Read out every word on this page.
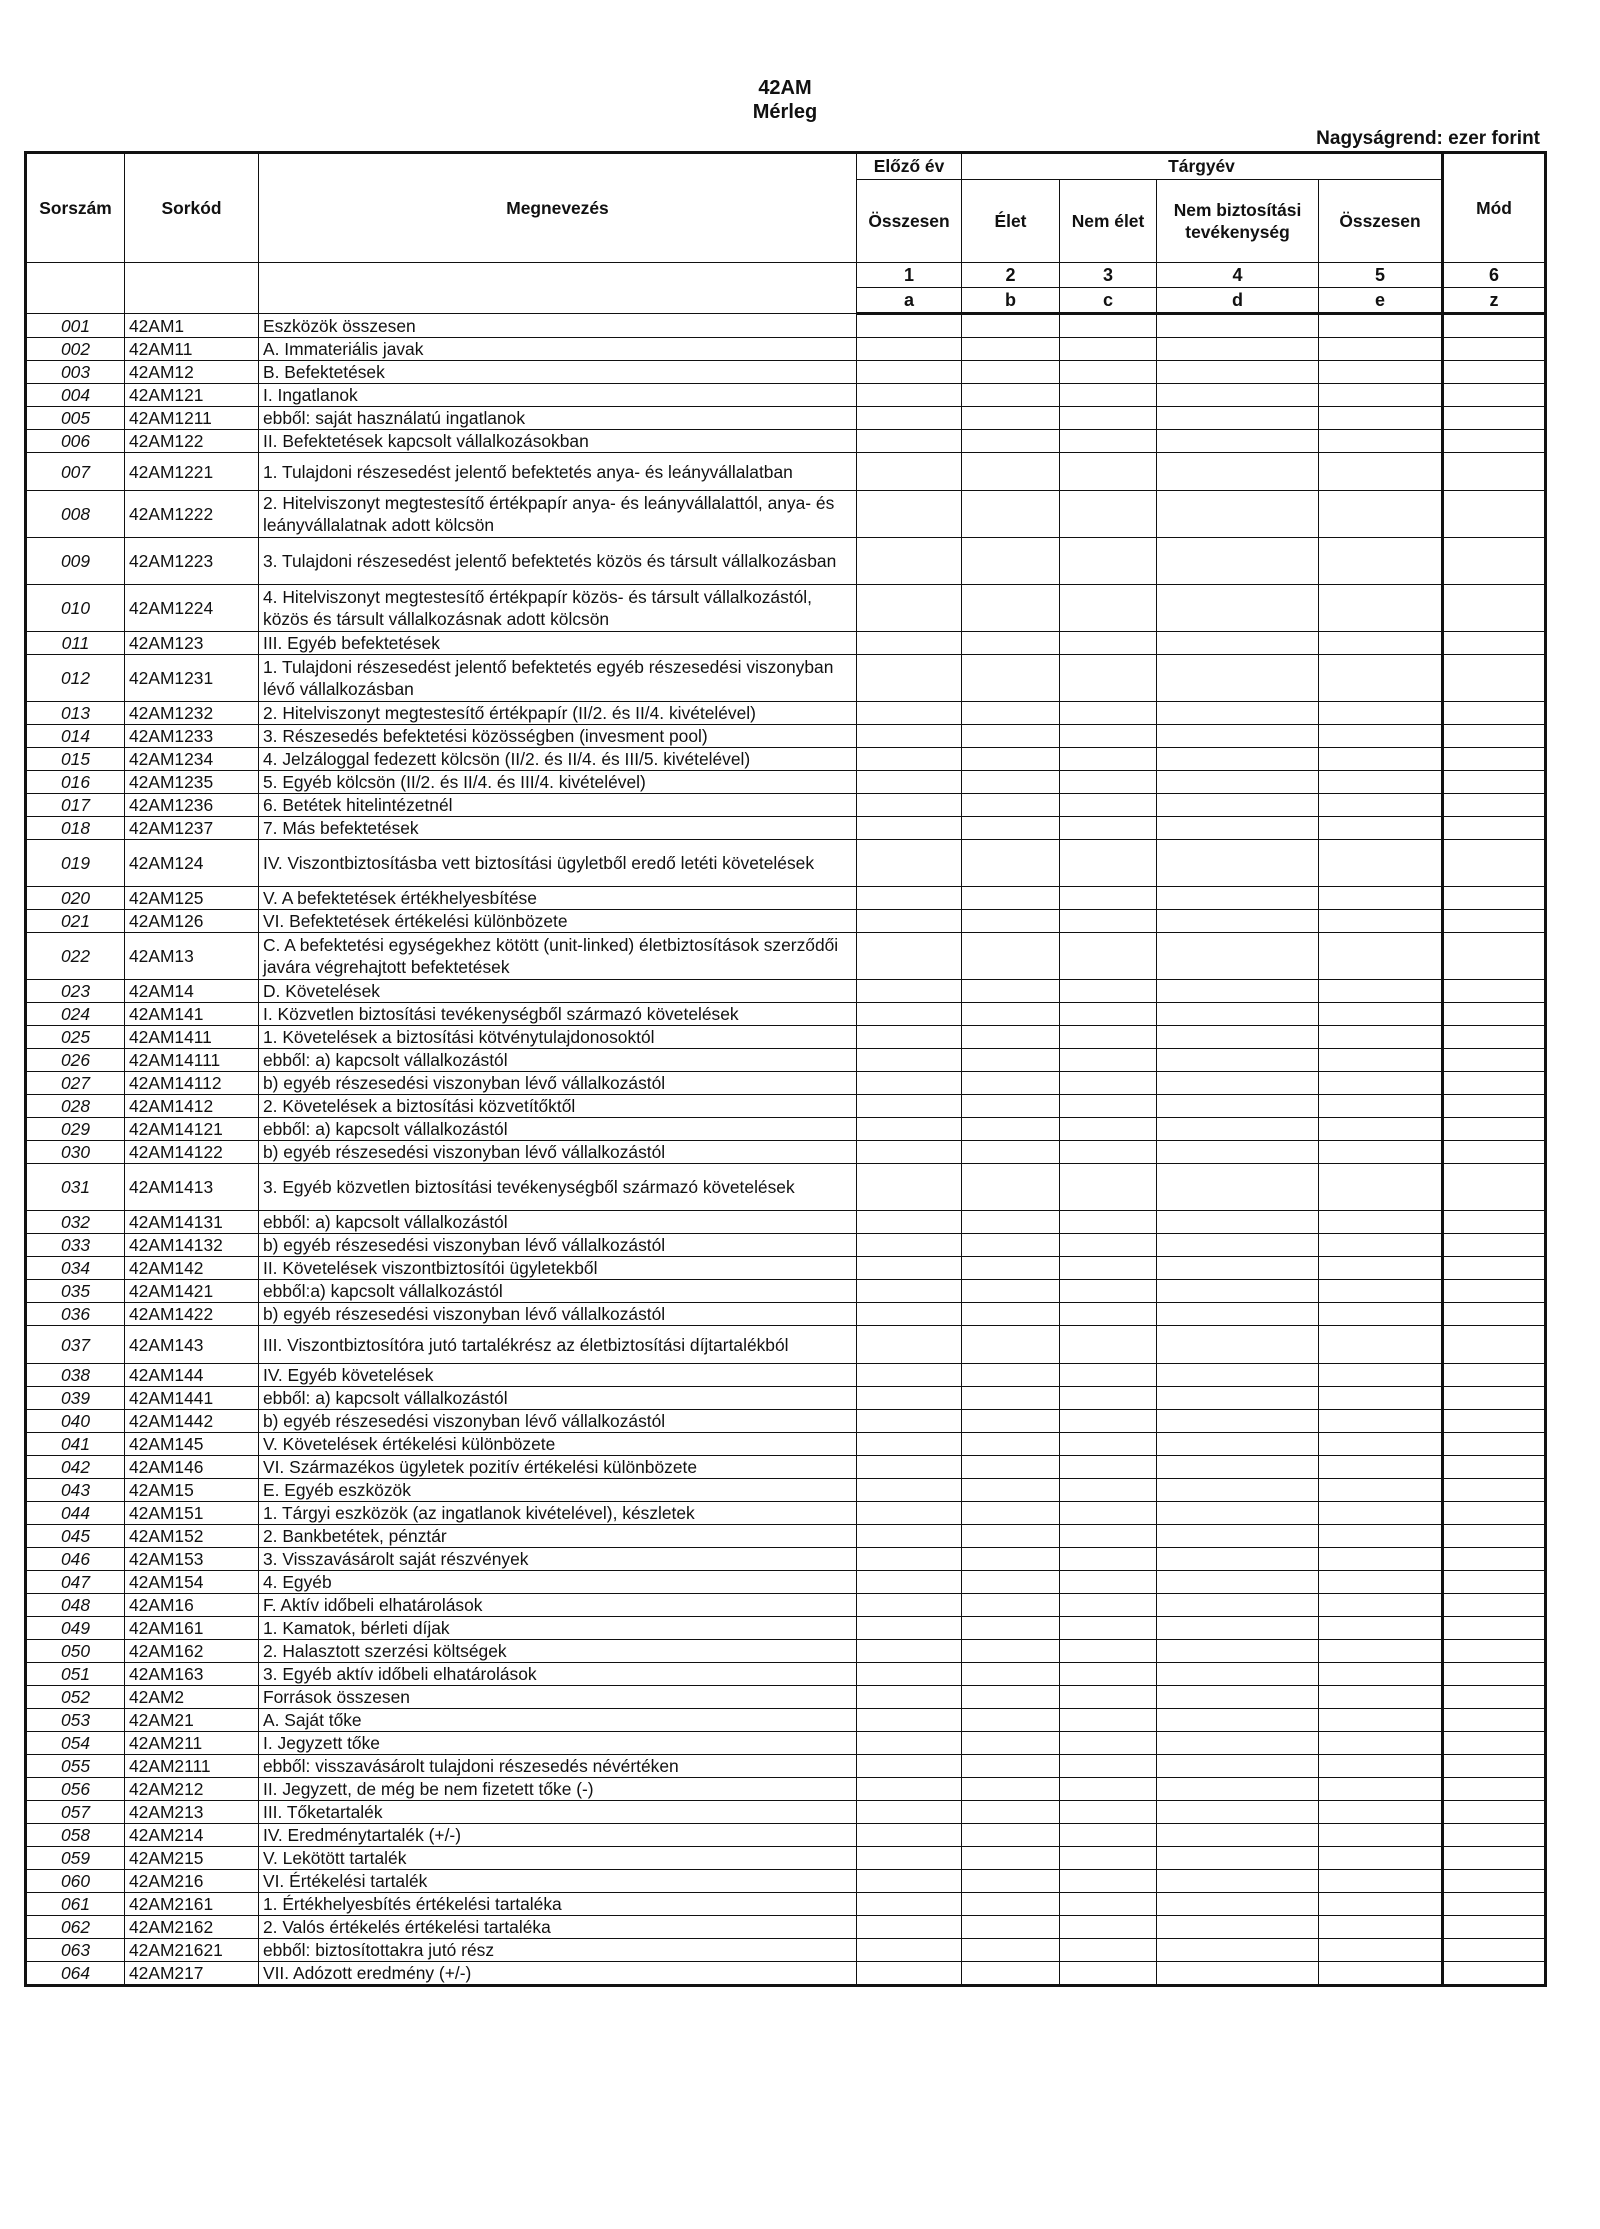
42AM
Mérleg
Nagyságrend: ezer forint
Sorszám	Sorkód	Megnevezés	Előző év	Tárgyév				Mód
			Összesen	Élet	Nem élet	Nem biztosítási tevékenység	Összesen	
			1	2	3	4	5	6
			a	b	c	d	e	z
001	42AM1	Eszközök összesen						
002	42AM11	A. Immateriális javak						
003	42AM12	B. Befektetések						
004	42AM121	I. Ingatlanok						
005	42AM1211	ebből: saját használatú ingatlanok						
006	42AM122	II. Befektetések kapcsolt vállalkozásokban						
007	42AM1221	1. Tulajdoni részesedést jelentő befektetés anya- és leányvállalatban						
008	42AM1222	2. Hitelviszonyt megtestesítő értékpapír anya- és leányvállalattól, anya- és leányvállalatnak adott kölcsön						
009	42AM1223	3. Tulajdoni részesedést jelentő befektetés közös és társult vállalkozásban						
010	42AM1224	4. Hitelviszonyt megtestesítő értékpapír közös- és társult vállalkozástól, közös és társult vállalkozásnak adott kölcsön						
011	42AM123	III. Egyéb befektetések						
012	42AM1231	1. Tulajdoni részesedést jelentő befektetés egyéb részesedési viszonyban lévő vállalkozásban						
013	42AM1232	2. Hitelviszonyt megtestesítő értékpapír (II/2. és II/4. kivételével)						
014	42AM1233	3. Részesedés befektetési közösségben (invesment pool)						
015	42AM1234	4. Jelzáloggal fedezett kölcsön (II/2. és II/4. és III/5. kivételével)						
016	42AM1235	5. Egyéb kölcsön (II/2. és II/4. és III/4. kivételével)						
017	42AM1236	6. Betétek hitelintézetnél						
018	42AM1237	7. Más befektetések						
019	42AM124	IV. Viszontbiztosításba vett biztosítási ügyletből eredő letéti követelések						
020	42AM125	V. A befektetések értékhelyesbítése						
021	42AM126	VI. Befektetések értékelési különbözete						
022	42AM13	C. A befektetési egységekhez kötött (unit-linked) életbiztosítások szerződői javára végrehajtott befektetések						
023	42AM14	D. Követelések						
024	42AM141	I. Közvetlen biztosítási tevékenységből származó követelések						
025	42AM1411	1. Követelések a biztosítási kötvénytulajdonosoktól						
026	42AM14111	ebből: a) kapcsolt vállalkozástól						
027	42AM14112	b) egyéb részesedési viszonyban lévő vállalkozástól						
028	42AM1412	2. Követelések a biztosítási közvetítőktől						
029	42AM14121	ebből: a) kapcsolt vállalkozástól						
030	42AM14122	b) egyéb részesedési viszonyban lévő vállalkozástól						
031	42AM1413	3. Egyéb közvetlen biztosítási tevékenységből származó követelések						
032	42AM14131	ebből: a) kapcsolt vállalkozástól						
033	42AM14132	b) egyéb részesedési viszonyban lévő vállalkozástól						
034	42AM142	II. Követelések viszontbiztosítói ügyletekből						
035	42AM1421	ebből:a) kapcsolt vállalkozástól						
036	42AM1422	b) egyéb részesedési viszonyban lévő vállalkozástól						
037	42AM143	III. Viszontbiztosítóra jutó tartalékrész az életbiztosítási díjtartalékból						
038	42AM144	IV. Egyéb követelések						
039	42AM1441	ebből: a) kapcsolt vállalkozástól						
040	42AM1442	b) egyéb részesedési viszonyban lévő vállalkozástól						
041	42AM145	V. Követelések értékelési különbözete						
042	42AM146	VI. Származékos ügyletek pozitív értékelési különbözete						
043	42AM15	E. Egyéb eszközök						
044	42AM151	1. Tárgyi eszközök (az ingatlanok kivételével), készletek						
045	42AM152	2. Bankbetétek, pénztár						
046	42AM153	3. Visszavásárolt saját részvények						
047	42AM154	4. Egyéb						
048	42AM16	F. Aktív időbeli elhatárolások						
049	42AM161	1. Kamatok, bérleti díjak						
050	42AM162	2. Halasztott szerzési költségek						
051	42AM163	3. Egyéb aktív időbeli elhatárolások						
052	42AM2	Források összesen						
053	42AM21	A. Saját tőke						
054	42AM211	I. Jegyzett tőke						
055	42AM2111	ebből: visszavásárolt tulajdoni részesedés névértéken						
056	42AM212	II. Jegyzett, de még be nem fizetett tőke (-)						
057	42AM213	III. Tőketartalék						
058	42AM214	IV. Eredménytartalék (+/-)						
059	42AM215	V. Lekötött tartalék						
060	42AM216	VI. Értékelési tartalék						
061	42AM2161	1. Értékhelyesbítés értékelési tartaléka						
062	42AM2162	2. Valós értékelés értékelési tartaléka						
063	42AM21621	ebből: biztosítottakra jutó rész						
064	42AM217	VII. Adózott eredmény (+/-)						
